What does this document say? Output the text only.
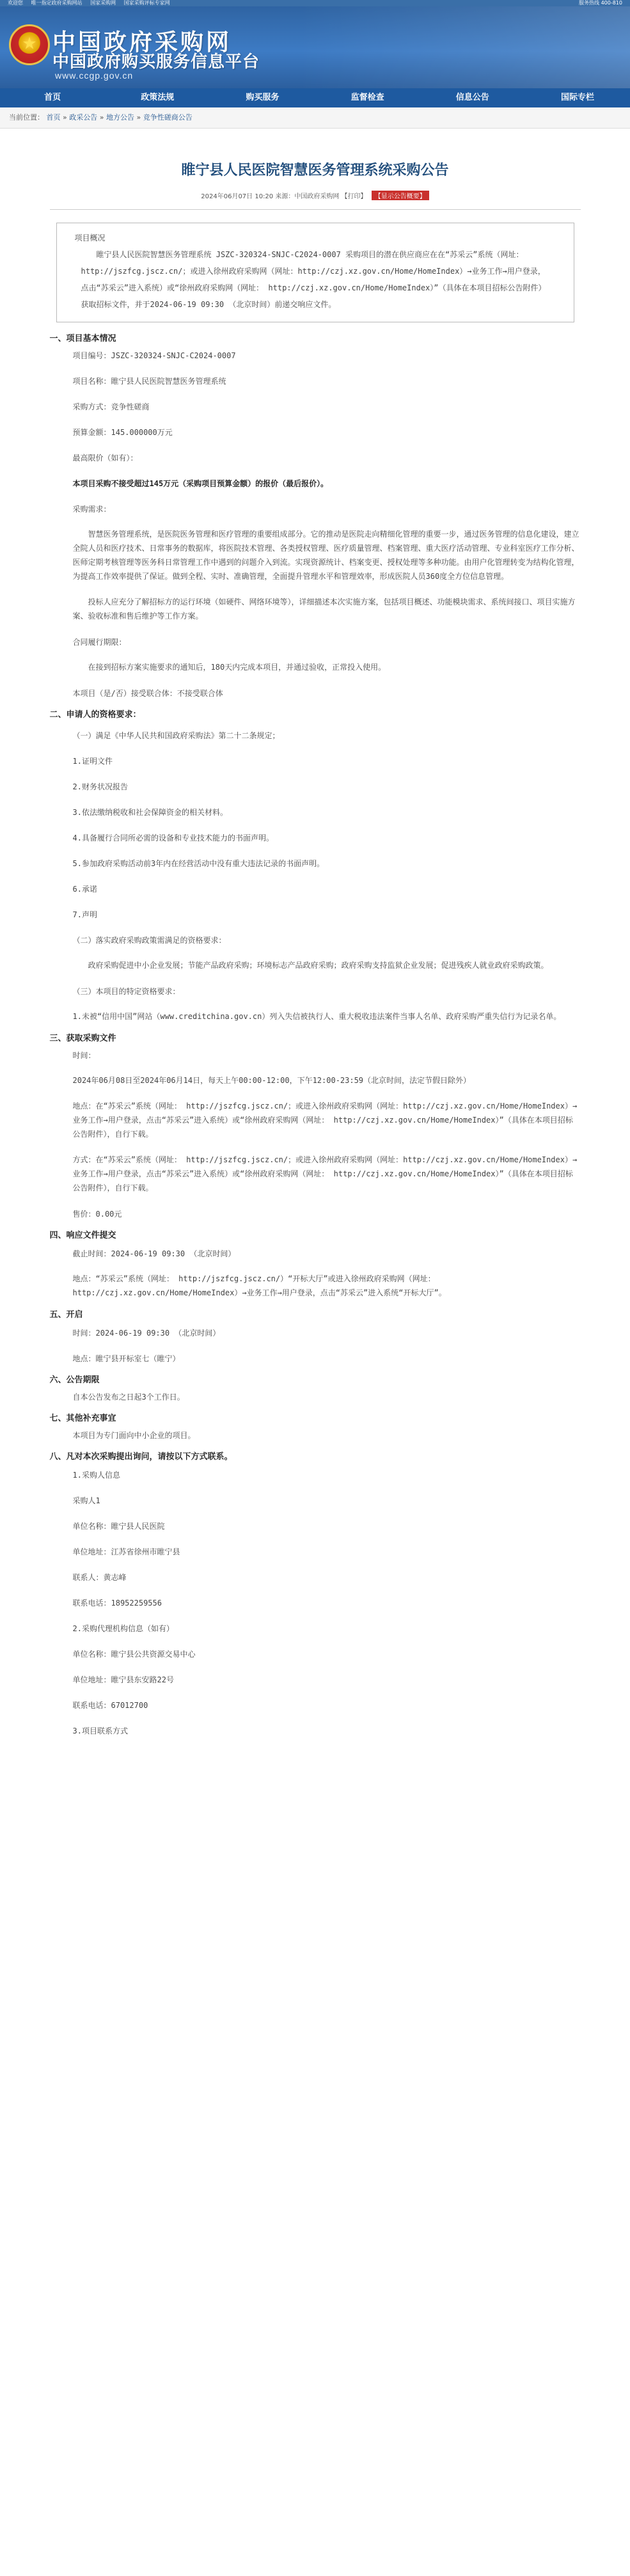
欢迎您 唯一指定政府采购网站 国家采购网 国家采购评标专家网	服务热线 400-810
★ 中国政府采购网
中国政府购买服务信息平台
www.ccgp.gov.cn
首页	政策法规	购买服务	监督检查	信息公告	国际专栏
当前位置： 首页 » 政采公告 » 地方公告 » 竞争性磋商公告
睢宁县人民医院智慧医务管理系统采购公告
2024年06月07日 10:20 来源：中国政府采购网 【打印】 【显示公告概要】
项目概况

睢宁县人民医院智慧医务管理系统 JSZC-320324-SNJC-C2024-0007 采购项目的潜在供应商应在在“苏采云”系统（网址： http://jszfcg.jscz.cn/；或进入徐州政府采购网（网址：http://czj.xz.gov.cn/Home/HomeIndex）→业务工作→用户登录，点击“苏采云”进入系统）或“徐州政府采购网（网址： http://czj.xz.gov.cn/Home/HomeIndex）”（具体在本项目招标公告附件）获取招标文件，并于2024-06-19 09:30 （北京时间）前递交响应文件。

一、项目基本情况
项目编号：JSZC-320324-SNJC-C2024-0007
项目名称：睢宁县人民医院智慧医务管理系统
采购方式：竞争性磋商
预算金额：145.000000万元
最高限价（如有）：
本项目采购不接受超过145万元（采购项目预算金额）的报价（最后报价）。
采购需求：
智慧医务管理系统，是医院医务管理和医疗管理的重要组成部分。它的推动是医院走向精细化管理的重要一步，通过医务管理的信息化建设，建立全院人员和医疗技术、日常事务的数据库，将医院技术管理、各类授权管理、医疗质量管理、档案管理、重大医疗活动管理、专业科室医疗工作分析、医师定期考核管理等医务科日常管理工作中遇到的问题介入到流。实现资源统计、档案变更、授权处理等多种功能。由用户化管理转变为结构化管理，为提高工作效率提供了保证。做到全程、实时、准确管理，全面提升管理水平和管理效率，形成医院人员360度全方位信息管理。
投标人应充分了解招标方的运行环境（如硬件、网络环境等），详细描述本次实施方案，包括项目概述、功能模块需求、系统间接口、项目实施方案、验收标准和售后维护等工作方案。
合同履行期限：
在接到招标方案实施要求的通知后，180天内完成本项目，并通过验收，正常投入使用。
本项目（是/否）接受联合体：不接受联合体
二、申请人的资格要求：
（一）满足《中华人民共和国政府采购法》第二十二条规定；
1.证明文件
2.财务状况报告
3.依法缴纳税收和社会保障资金的相关材料。
4.具备履行合同所必需的设备和专业技术能力的书面声明。
5.参加政府采购活动前3年内在经营活动中没有重大违法记录的书面声明。
6.承诺
7.声明
（二）落实政府采购政策需满足的资格要求：
政府采购促进中小企业发展；节能产品政府采购；环境标志产品政府采购；政府采购支持监狱企业发展；促进残疾人就业政府采购政策。
（三）本项目的特定资格要求：
1.未被“信用中国”网站（www.creditchina.gov.cn）列入失信被执行人、重大税收违法案件当事人名单、政府采购严重失信行为记录名单。
三、获取采购文件
时间：
2024年06月08日至2024年06月14日，每天上午00:00-12:00，下午12:00-23:59（北京时间，法定节假日除外）
地点：在“苏采云”系统（网址： http://jszfcg.jscz.cn/；或进入徐州政府采购网（网址：http://czj.xz.gov.cn/Home/HomeIndex）→业务工作→用户登录，点击“苏采云”进入系统）或“徐州政府采购网（网址： http://czj.xz.gov.cn/Home/HomeIndex）”（具体在本项目招标公告附件），自行下载。
方式：在“苏采云”系统（网址： http://jszfcg.jscz.cn/；或进入徐州政府采购网（网址：http://czj.xz.gov.cn/Home/HomeIndex）→业务工作→用户登录，点击“苏采云”进入系统）或“徐州政府采购网（网址： http://czj.xz.gov.cn/Home/HomeIndex）”（具体在本项目招标公告附件），自行下载。
售价：0.00元
四、响应文件提交
截止时间：2024-06-19 09:30 （北京时间）
地点：“苏采云”系统（网址： http://jszfcg.jscz.cn/）“开标大厅”或进入徐州政府采购网（网址：http://czj.xz.gov.cn/Home/HomeIndex）→业务工作→用户登录，点击“苏采云”进入系统“开标大厅”。
五、开启
时间：2024-06-19 09:30 （北京时间）
地点：睢宁县开标室七（睢宁）
六、公告期限
自本公告发布之日起3个工作日。
七、其他补充事宜
本项目为专门面向中小企业的项目。
八、凡对本次采购提出询问，请按以下方式联系。
1.采购人信息
采购人1
单位名称：睢宁县人民医院
单位地址：江苏省徐州市睢宁县
联系人：黄志峰
联系电话：18952259556
2.采购代理机构信息（如有）
单位名称：睢宁县公共资源交易中心
单位地址：睢宁县东安路22号
联系电话：67012700
3.项目联系方式
